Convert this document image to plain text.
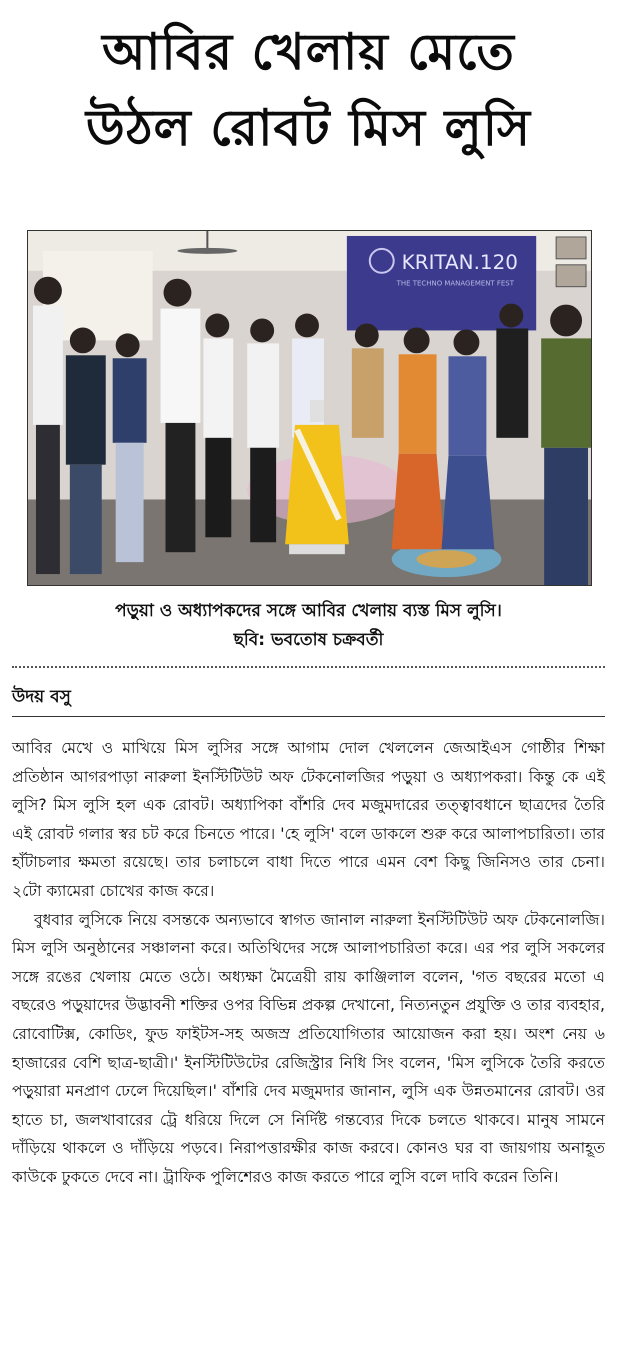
আবির খেলায় মেতে
উঠল রোবট মিস লুসি
KRITAN.120
THE TECHNO MANAGEMENT FEST
পড়ুয়া ও অধ্যাপকদের সঙ্গে আবির খেলায় ব্যস্ত মিস লুসি।
ছবি: ভবতোষ চক্রবর্তী
উদয় বসু

আবির মেখে ও মাখিয়ে মিস লুসির সঙ্গে আগাম দোল খেললেন জেআইএস গোষ্ঠীর শিক্ষা প্রতিষ্ঠান আগরপাড়া নারুলা ইনস্টিটিউট অফ টেকনোলজির পড়ুয়া ও অধ্যাপকরা। কিন্তু কে এই লুসি? মিস লুসি হল এক রোবট। অধ্যাপিকা বাঁশরি দেব মজুমদারের তত্ত্বাবধানে ছাত্রদের তৈরি এই রোবট গলার স্বর চট করে চিনতে পারে। 'হে লুসি' বলে ডাকলে শুরু করে আলাপচারিতা। তার হাঁটাচলার ক্ষমতা রয়েছে। তার চলাচলে বাধা দিতে পারে এমন বেশ কিছু জিনিসও তার চেনা। ২টো ক্যামেরা চোখের কাজ করে।

বুধবার লুসিকে নিয়ে বসন্তকে অন্যভাবে স্বাগত জানাল নারুলা ইনস্টিটিউট অফ টেকনোলজি। মিস লুসি অনুষ্ঠানের সঞ্চালনা করে। অতিথিদের সঙ্গে আলাপচারিতা করে। এর পর লুসি সকলের সঙ্গে রঙের খেলায় মেতে ওঠে। অধ্যক্ষা মৈত্রেয়ী রায় কাঞ্জিলাল বলেন, 'গত বছরের মতো এ বছরেও পড়ুয়াদের উদ্ভাবনী শক্তির ওপর বিভিন্ন প্রকল্প দেখানো, নিত্যনতুন প্রযুক্তি ও তার ব্যবহার, রোবোটিক্স, কোডিং, ফুড ফাইটস-সহ অজস্র প্রতিযোগিতার আয়োজন করা হয়। অংশ নেয় ৬ হাজারের বেশি ছাত্র-ছাত্রী।' ইনস্টিটিউটের রেজিস্ট্রার নিধি সিং বলেন, 'মিস লুসিকে তৈরি করতে পড়ুয়ারা মনপ্রাণ ঢেলে দিয়েছিল।' বাঁশরি দেব মজুমদার জানান, লুসি এক উন্নতমানের রোবট। ওর হাতে চা, জলখাবারের ট্রে ধরিয়ে দিলে সে নির্দিষ্ট গন্তব্যের দিকে চলতে থাকবে। মানুষ সামনে দাঁড়িয়ে থাকলে ও দাঁড়িয়ে পড়বে। নিরাপত্তারক্ষীর কাজ করবে। কোনও ঘর বা জায়গায় অনাহূত কাউকে ঢুকতে দেবে না। ট্রাফিক পুলিশেরও কাজ করতে পারে লুসি বলে দাবি করেন তিনি।
